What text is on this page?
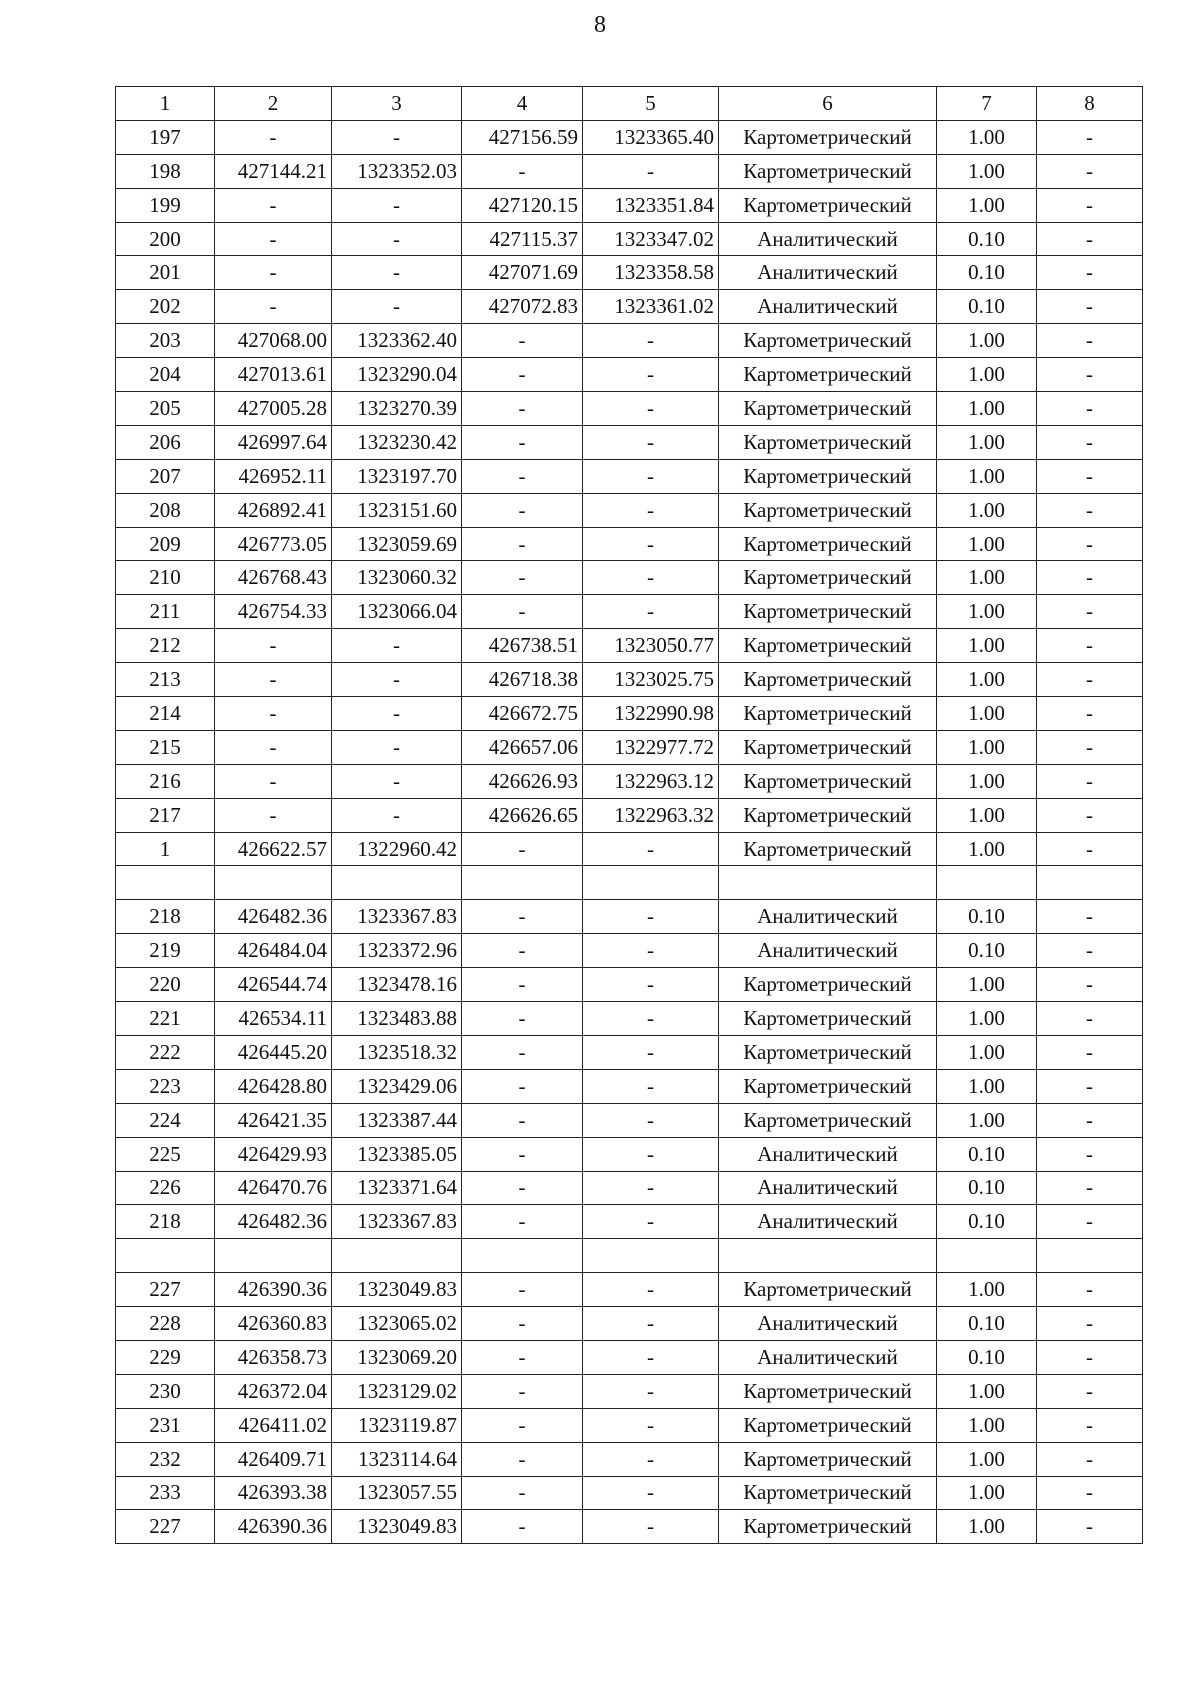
8
1	2	3	4	5	6	7	8
197	-	-	427156.59	1323365.40	Картометрический	1.00	-
198	427144.21	1323352.03	-	-	Картометрический	1.00	-
199	-	-	427120.15	1323351.84	Картометрический	1.00	-
200	-	-	427115.37	1323347.02	Аналитический	0.10	-
201	-	-	427071.69	1323358.58	Аналитический	0.10	-
202	-	-	427072.83	1323361.02	Аналитический	0.10	-
203	427068.00	1323362.40	-	-	Картометрический	1.00	-
204	427013.61	1323290.04	-	-	Картометрический	1.00	-
205	427005.28	1323270.39	-	-	Картометрический	1.00	-
206	426997.64	1323230.42	-	-	Картометрический	1.00	-
207	426952.11	1323197.70	-	-	Картометрический	1.00	-
208	426892.41	1323151.60	-	-	Картометрический	1.00	-
209	426773.05	1323059.69	-	-	Картометрический	1.00	-
210	426768.43	1323060.32	-	-	Картометрический	1.00	-
211	426754.33	1323066.04	-	-	Картометрический	1.00	-
212	-	-	426738.51	1323050.77	Картометрический	1.00	-
213	-	-	426718.38	1323025.75	Картометрический	1.00	-
214	-	-	426672.75	1322990.98	Картометрический	1.00	-
215	-	-	426657.06	1322977.72	Картометрический	1.00	-
216	-	-	426626.93	1322963.12	Картометрический	1.00	-
217	-	-	426626.65	1322963.32	Картометрический	1.00	-
1	426622.57	1322960.42	-	-	Картометрический	1.00	-

218	426482.36	1323367.83	-	-	Аналитический	0.10	-
219	426484.04	1323372.96	-	-	Аналитический	0.10	-
220	426544.74	1323478.16	-	-	Картометрический	1.00	-
221	426534.11	1323483.88	-	-	Картометрический	1.00	-
222	426445.20	1323518.32	-	-	Картометрический	1.00	-
223	426428.80	1323429.06	-	-	Картометрический	1.00	-
224	426421.35	1323387.44	-	-	Картометрический	1.00	-
225	426429.93	1323385.05	-	-	Аналитический	0.10	-
226	426470.76	1323371.64	-	-	Аналитический	0.10	-
218	426482.36	1323367.83	-	-	Аналитический	0.10	-

227	426390.36	1323049.83	-	-	Картометрический	1.00	-
228	426360.83	1323065.02	-	-	Аналитический	0.10	-
229	426358.73	1323069.20	-	-	Аналитический	0.10	-
230	426372.04	1323129.02	-	-	Картометрический	1.00	-
231	426411.02	1323119.87	-	-	Картометрический	1.00	-
232	426409.71	1323114.64	-	-	Картометрический	1.00	-
233	426393.38	1323057.55	-	-	Картометрический	1.00	-
227	426390.36	1323049.83	-	-	Картометрический	1.00	-
